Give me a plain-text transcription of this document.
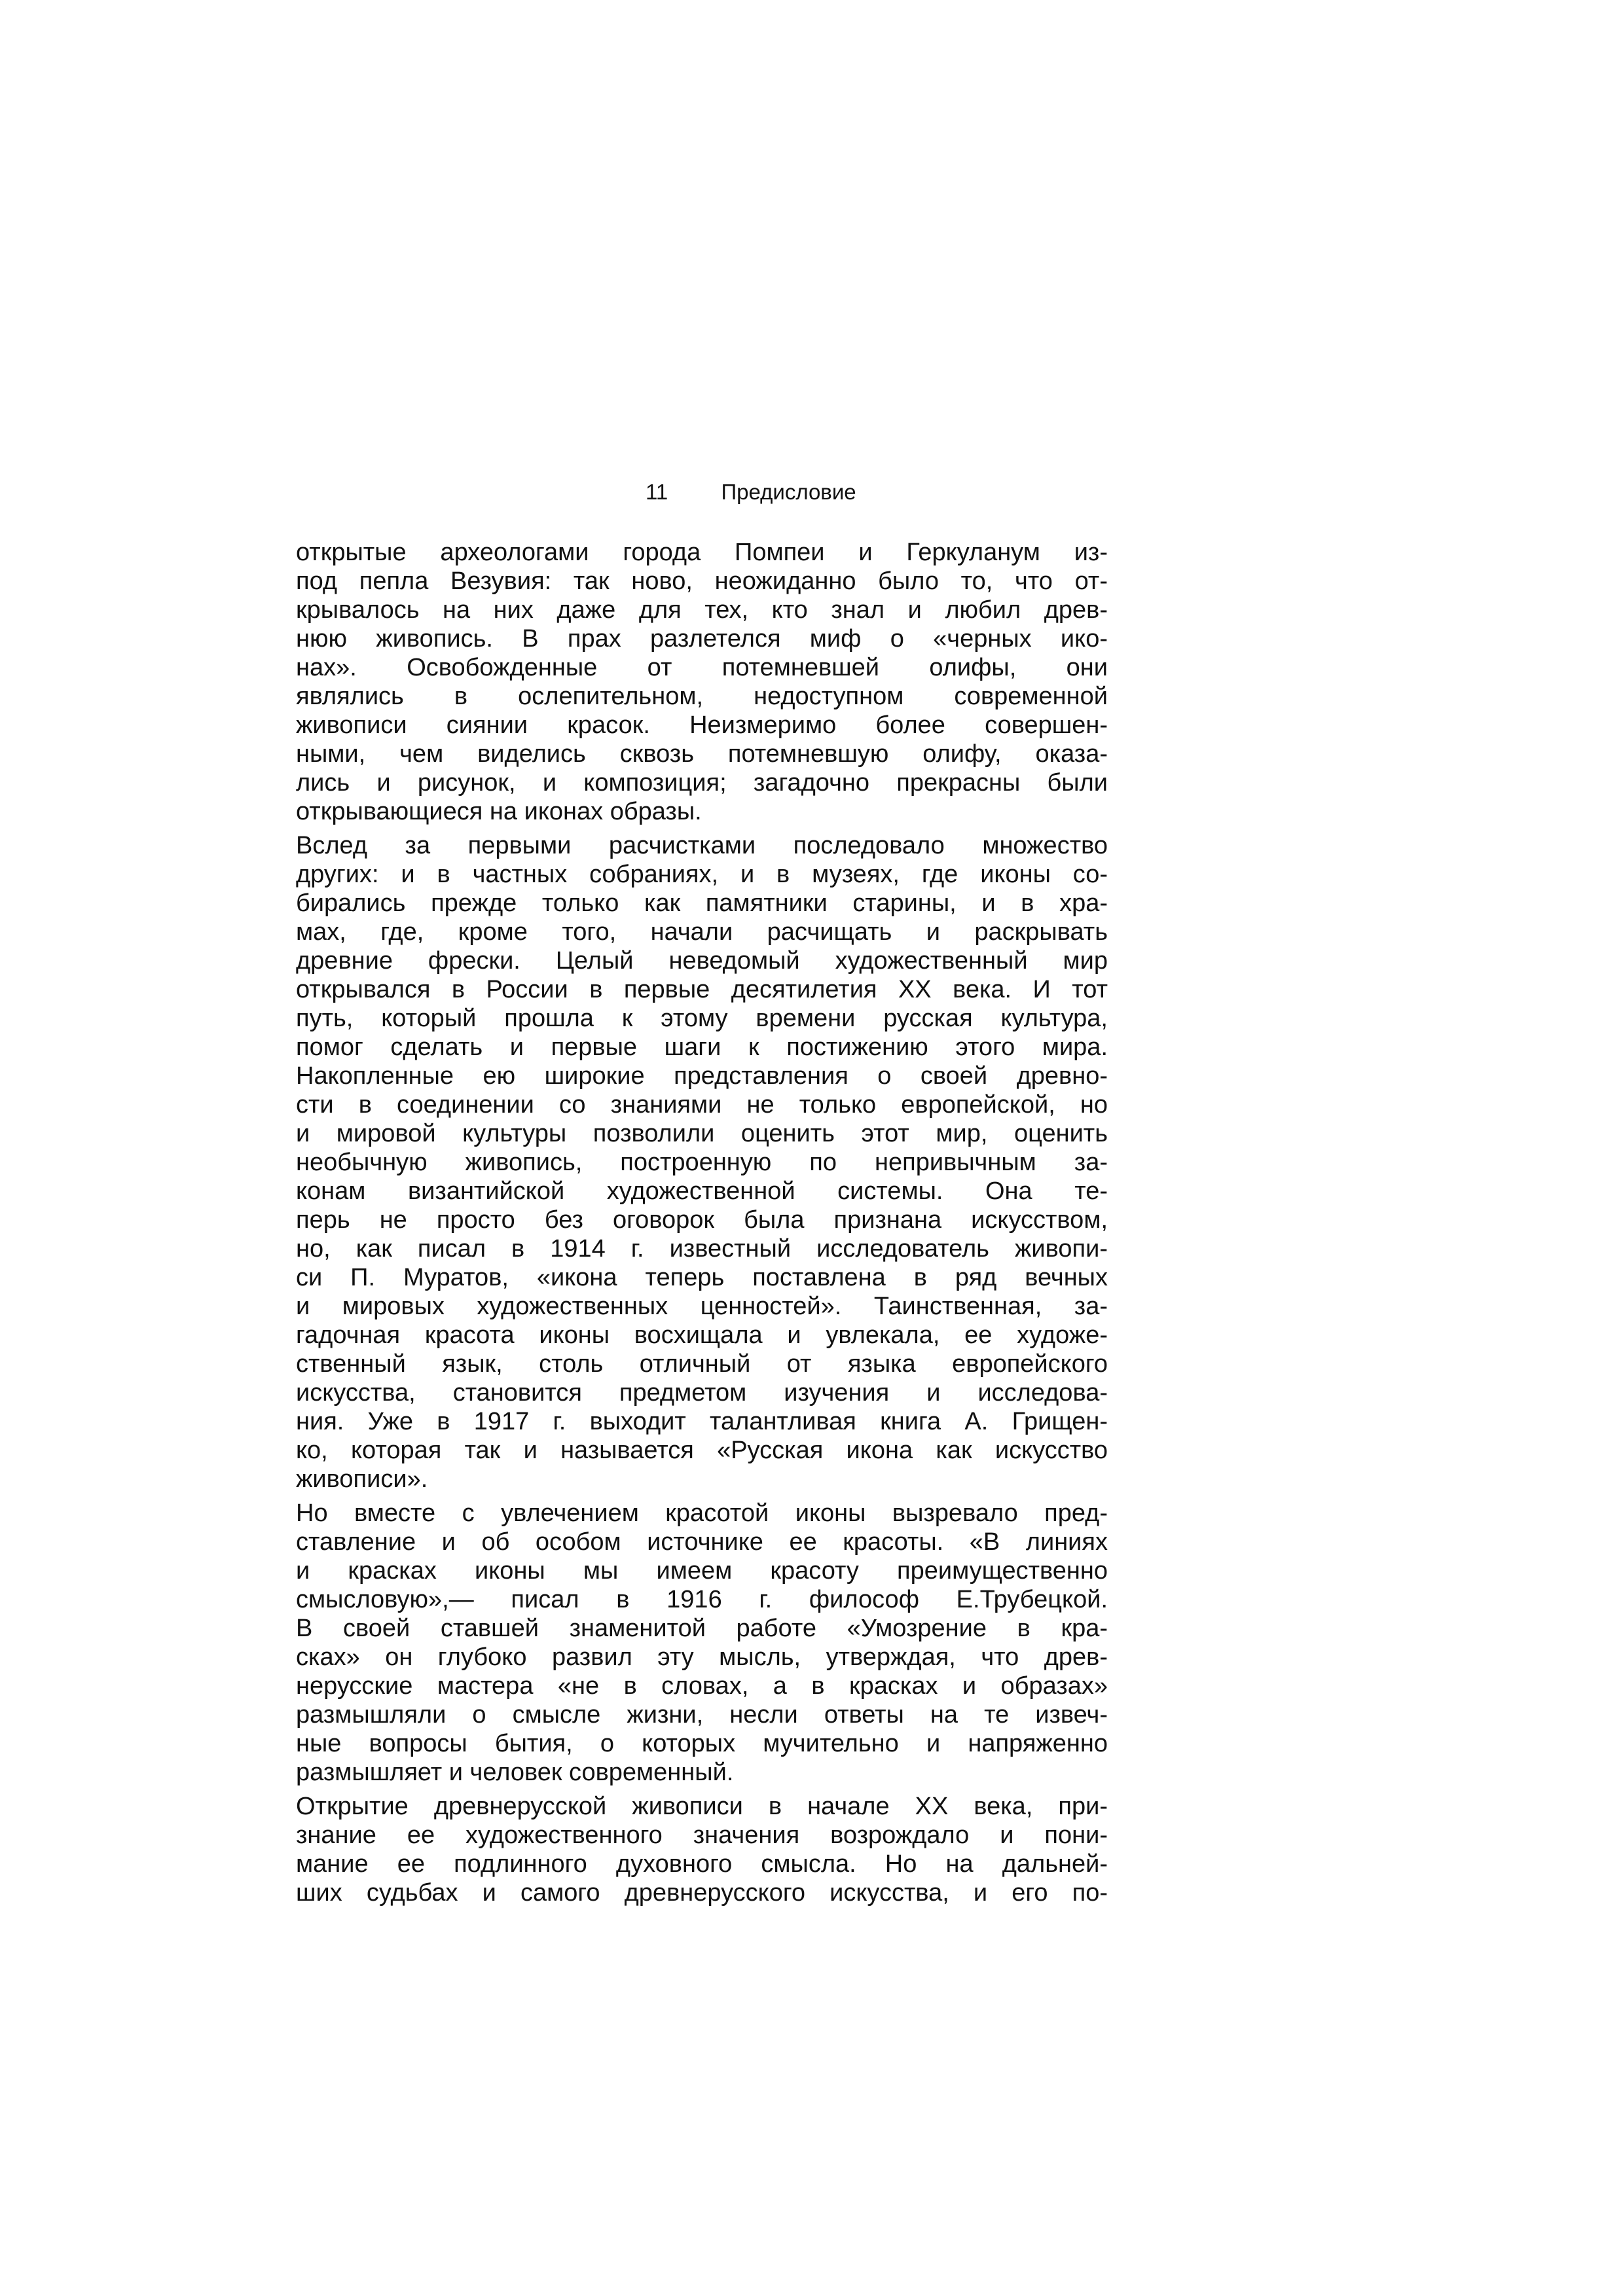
11 Предисловие
открытые археологами города Помпеи и Геркуланум из-
под пепла Везувия: так ново, неожиданно было то, что от-
крывалось на них даже для тех, кто знал и любил древ-
нюю живопись. В прах разлетелся миф о «черных ико-
нах». Освобожденные от потемневшей олифы, они
являлись в ослепительном, недоступном современной
живописи сиянии красок. Неизмеримо более совершен-
ными, чем виделись сквозь потемневшую олифу, оказа-
лись и рисунок, и композиция; загадочно прекрасны были
открывающиеся на иконах образы.
Вслед за первыми расчистками последовало множество
других: и в частных собраниях, и в музеях, где иконы со-
бирались прежде только как памятники старины, и в хра-
мах, где, кроме того, начали расчищать и раскрывать
древние фрески. Целый неведомый художественный мир
открывался в России в первые десятилетия XX века. И тот
путь, который прошла к этому времени русская культура,
помог сделать и первые шаги к постижению этого мира.
Накопленные ею широкие представления о своей древно-
сти в соединении со знаниями не только европейской, но
и мировой культуры позволили оценить этот мир, оценить
необычную живопись, построенную по непривычным за-
конам византийской художественной системы. Она те-
перь не просто без оговорок была признана искусством,
но, как писал в 1914 г. известный исследователь живопи-
си П. Муратов, «икона теперь поставлена в ряд вечных
и мировых художественных ценностей». Таинственная, за-
гадочная красота иконы восхищала и увлекала, ее художе-
ственный язык, столь отличный от языка европейского
искусства, становится предметом изучения и исследова-
ния. Уже в 1917 г. выходит талантливая книга А. Грищен-
ко, которая так и называется «Русская икона как искусство
живописи».
Но вместе с увлечением красотой иконы вызревало пред-
ставление и об особом источнике ее красоты. «В линиях
и красках иконы мы имеем красоту преимущественно
смысловую»,— писал в 1916 г. философ Е.Трубецкой.
В своей ставшей знаменитой работе «Умозрение в кра-
сках» он глубоко развил эту мысль, утверждая, что древ-
нерусские мастера «не в словах, а в красках и образах»
размышляли о смысле жизни, несли ответы на те извеч-
ные вопросы бытия, о которых мучительно и напряженно
размышляет и человек современный.
Открытие древнерусской живописи в начале XX века, при-
знание ее художественного значения возрождало и пони-
мание ее подлинного духовного смысла. Но на дальней-
ших судьбах и самого древнерусского искусства, и его по-
